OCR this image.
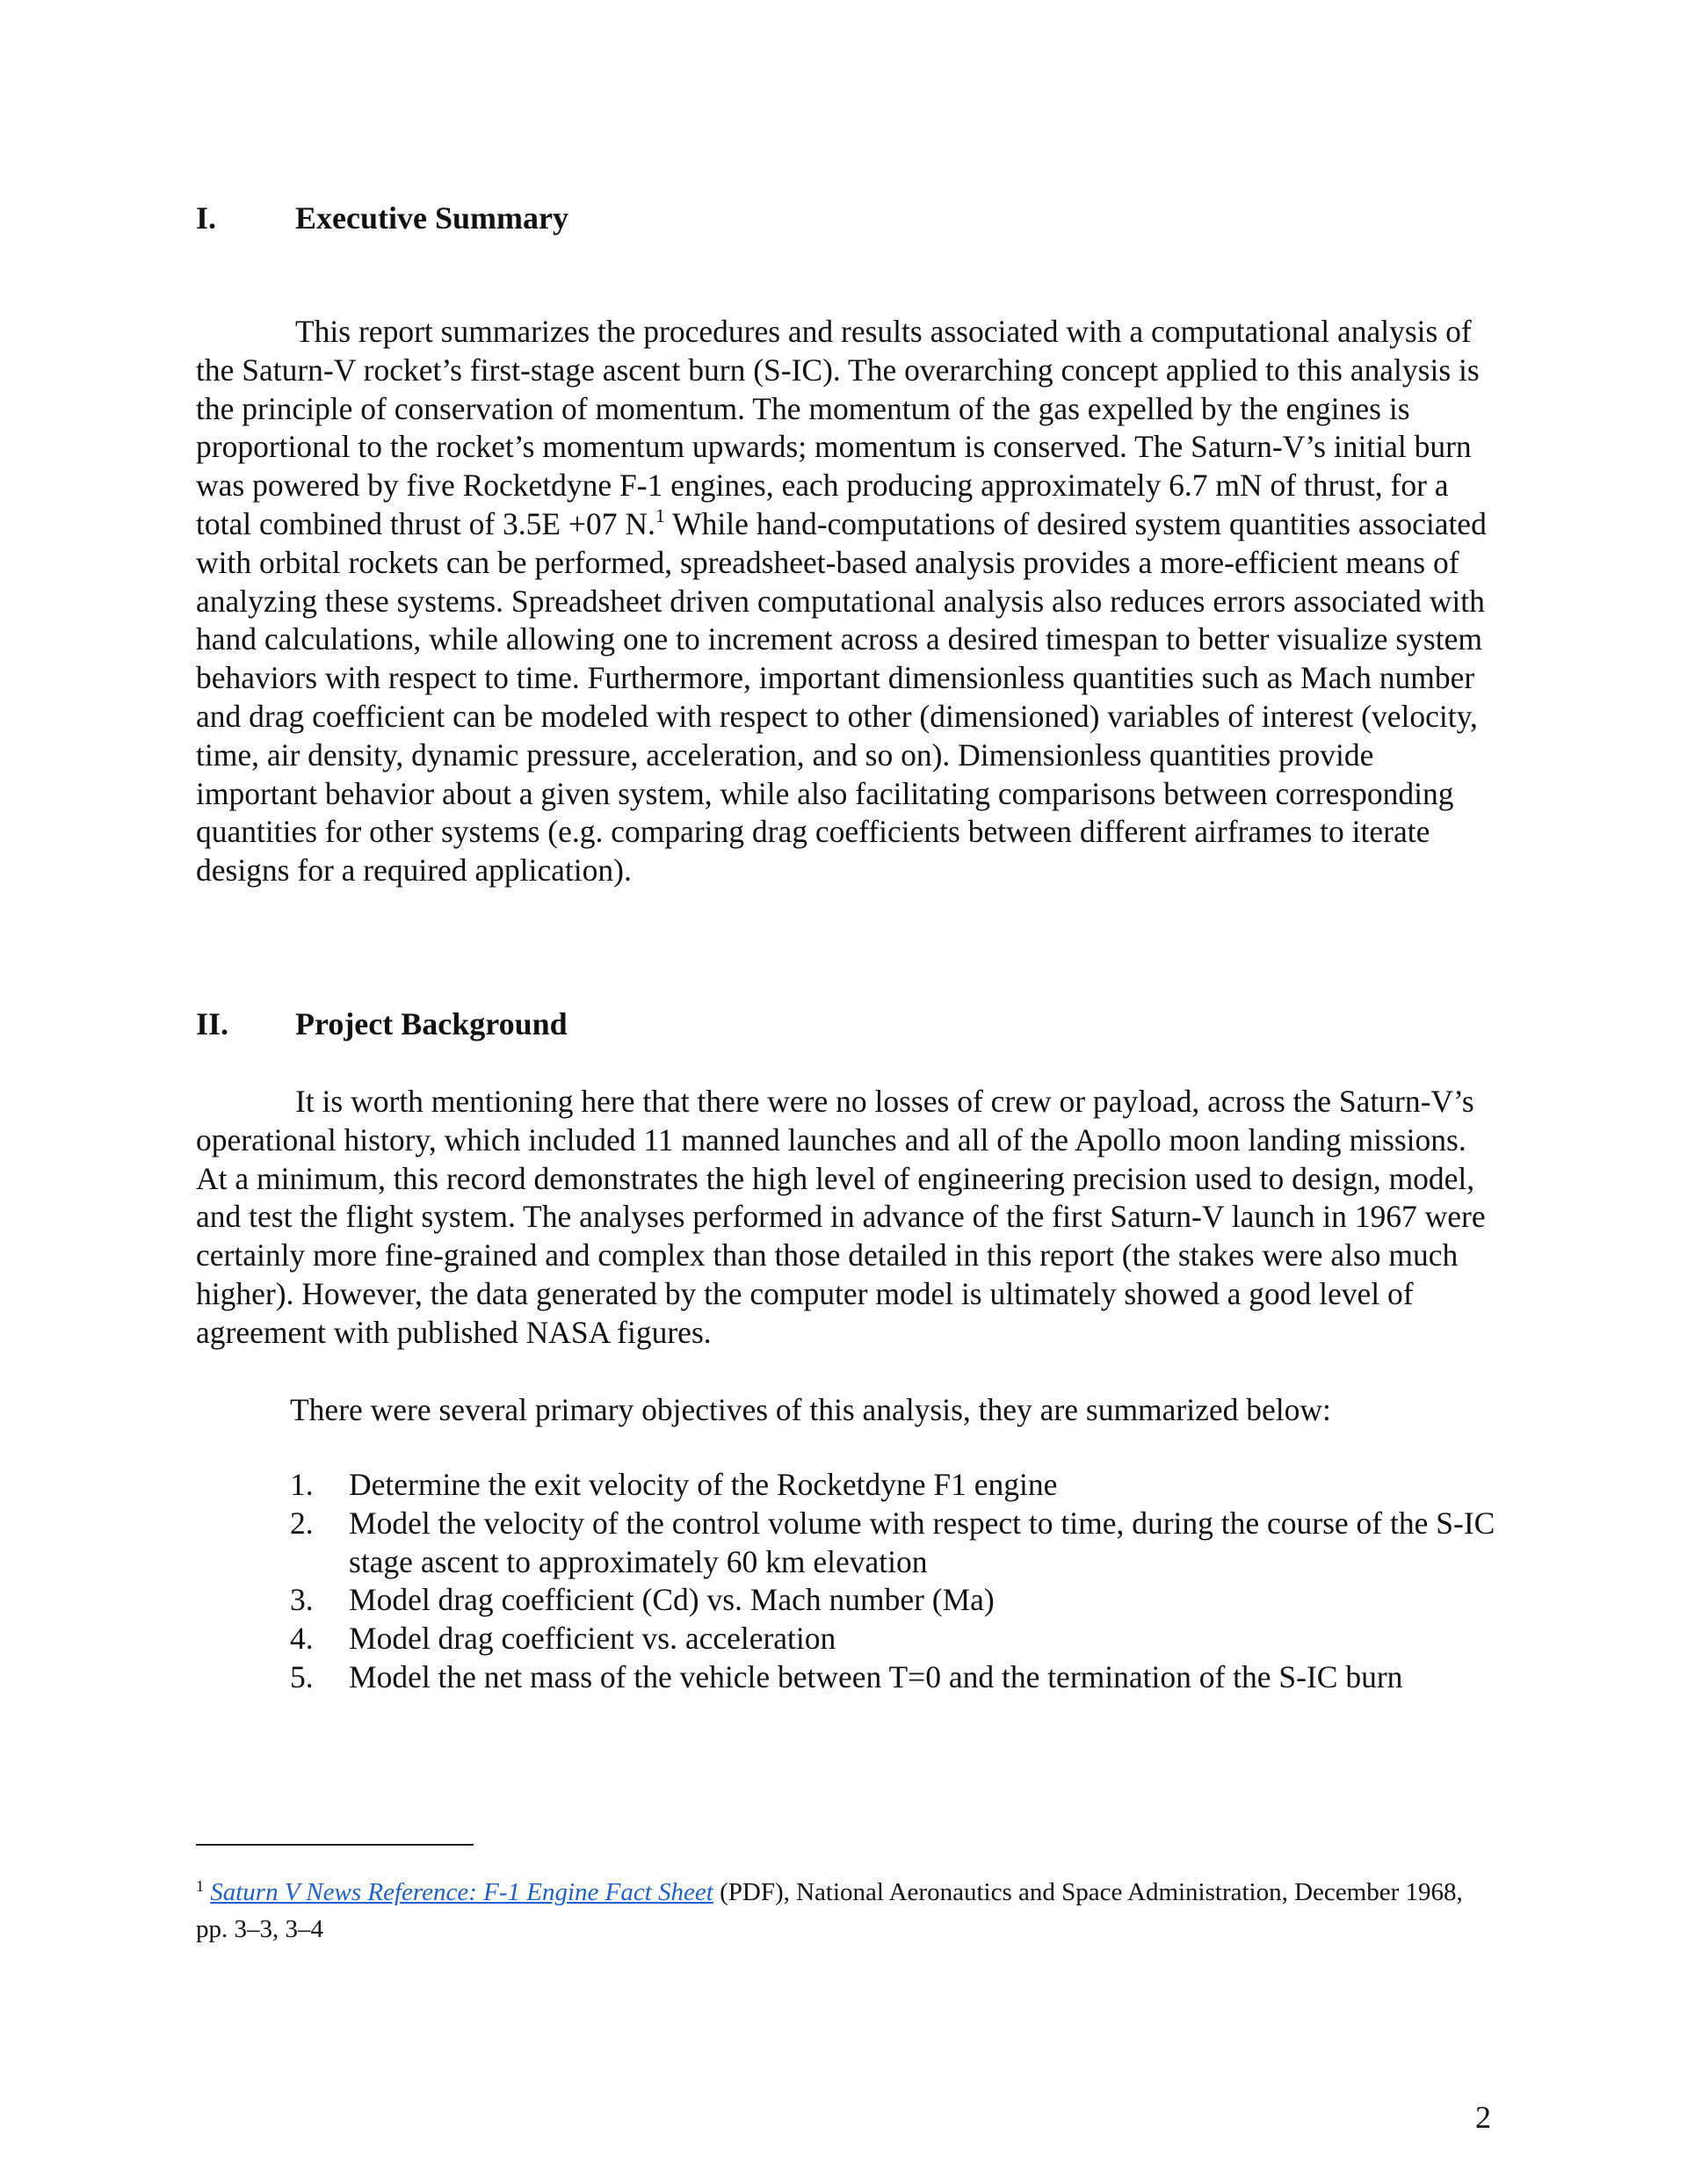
I. Executive Summary

This report summarizes the procedures and results associated with a computational analysis of the Saturn-V rocket’s first-stage ascent burn (S-IC). The overarching concept applied to this analysis is the principle of conservation of momentum. The momentum of the gas expelled by the engines is proportional to the rocket’s momentum upwards; momentum is conserved. The Saturn-V’s initial burn was powered by five Rocketdyne F-1 engines, each producing approximately 6.7 mN of thrust, for a total combined thrust of 3.5E +07 N.$^1$ While hand-computations of desired system quantities associated with orbital rockets can be performed, spreadsheet-based analysis provides a more-efficient means of analyzing these systems. Spreadsheet driven computational analysis also reduces errors associated with hand calculations, while allowing one to increment across a desired timespan to better visualize system behaviors with respect to time. Furthermore, important dimensionless quantities such as Mach number and drag coefficient can be modeled with respect to other (dimensioned) variables of interest (velocity, time, air density, dynamic pressure, acceleration, and so on). Dimensionless quantities provide important behavior about a given system, while also facilitating comparisons between corresponding quantities for other systems (e.g. comparing drag coefficients between different airframes to iterate designs for a required application).

II. Project Background

It is worth mentioning here that there were no losses of crew or payload, across the Saturn-V’s operational history, which included 11 manned launches and all of the Apollo moon landing missions. At a minimum, this record demonstrates the high level of engineering precision used to design, model, and test the flight system. The analyses performed in advance of the first Saturn-V launch in 1967 were certainly more fine-grained and complex than those detailed in this report (the stakes were also much higher). However, the data generated by the computer model is ultimately showed a good level of agreement with published NASA figures.

There were several primary objectives of this analysis, they are summarized below:

1.	Determine the exit velocity of the Rocketdyne F1 engine
2.	Model the velocity of the control volume with respect to time, during the course of the S-IC stage ascent to approximately 60 km elevation
3.	Model drag coefficient (Cd) vs. Mach number (Ma)
4.	Model drag coefficient vs. acceleration
5.	Model the net mass of the vehicle between T=0 and the termination of the S-IC burn

$^1$ Saturn V News Reference: F-1 Engine Fact Sheet (PDF), National Aeronautics and Space Administration, December 1968, pp. 3–3, 3–4

2
